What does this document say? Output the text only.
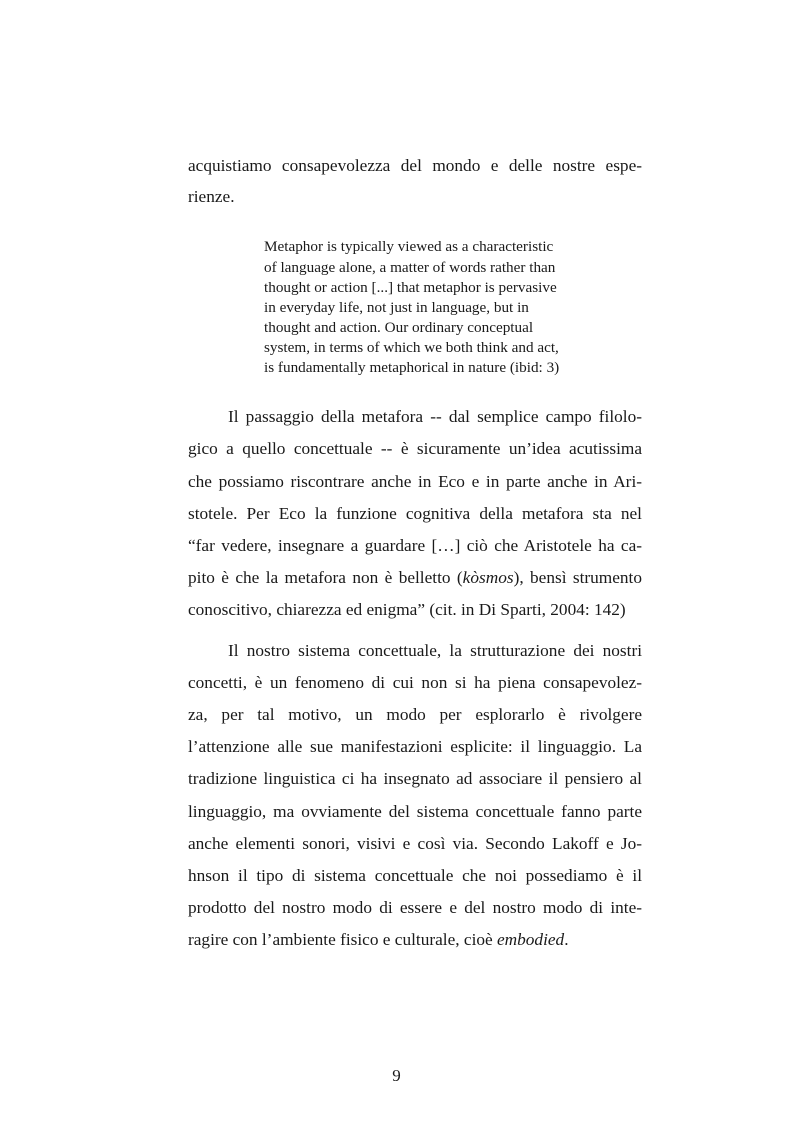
acquistiamo consapevolezza del mondo e delle nostre espe-
rienze.
Metaphor is typically viewed as a characteristic
of language alone, a matter of words rather than
thought or action [...] that metaphor is pervasive
in everyday life, not just in language, but in
thought and action. Our ordinary conceptual
system, in terms of which we both think and act,
is fundamentally metaphorical in nature (ibid: 3)
Il passaggio della metafora -- dal semplice campo filolo-
gico a quello concettuale -- è sicuramente un’idea acutissima
che possiamo riscontrare anche in Eco e in parte anche in Ari-
stotele. Per Eco la funzione cognitiva della metafora sta nel
“far vedere, insegnare a guardare […] ciò che Aristotele ha ca-
pito è che la metafora non è belletto (kòsmos), bensì strumento
conoscitivo, chiarezza ed enigma” (cit. in Di Sparti, 2004: 142)
Il nostro sistema concettuale, la strutturazione dei nostri
concetti, è un fenomeno di cui non si ha piena consapevolez-
za, per tal motivo, un modo per esplorarlo è rivolgere
l’attenzione alle sue manifestazioni esplicite: il linguaggio. La
tradizione linguistica ci ha insegnato ad associare il pensiero al
linguaggio, ma ovviamente del sistema concettuale fanno parte
anche elementi sonori, visivi e così via. Secondo Lakoff e Jo-
hnson il tipo di sistema concettuale che noi possediamo è il
prodotto del nostro modo di essere e del nostro modo di inte-
ragire con l’ambiente fisico e culturale, cioè embodied.
9
